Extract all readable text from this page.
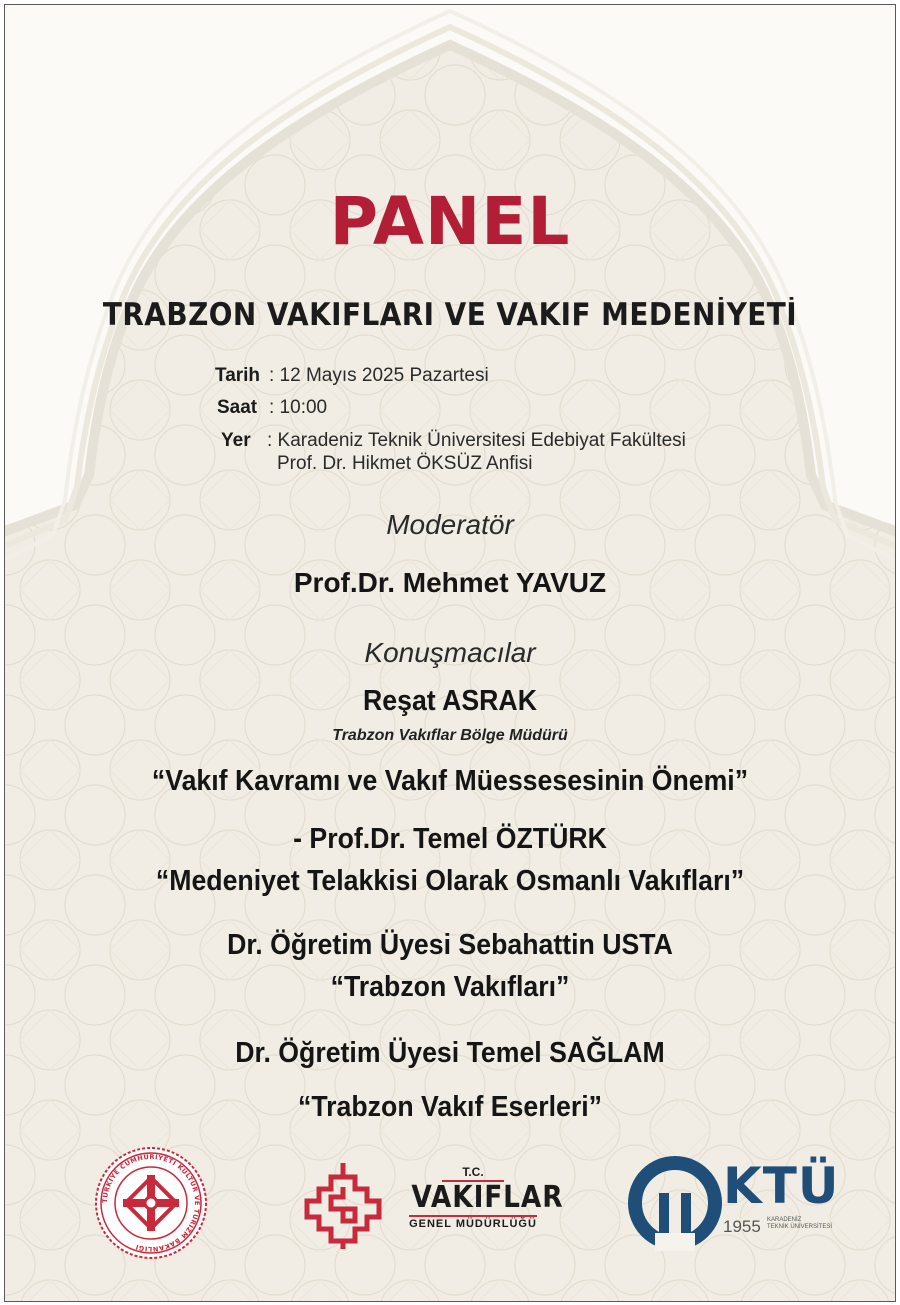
PANEL
TRABZON VAKIFLARI VE VAKIF MEDENİYETİ
Tarih : 12 Mayıs 2025 Pazartesi
Saat : 10:00
Yer : Karadeniz Teknik Üniversitesi Edebiyat Fakültesi
Prof. Dr. Hikmet ÖKSÜZ Anfisi
Moderatör
Prof.Dr. Mehmet YAVUZ
Konuşmacılar
Reşat ASRAK
Trabzon Vakıflar Bölge Müdürü
“Vakıf Kavramı ve Vakıf Müessesesinin Önemi”
- Prof.Dr. Temel ÖZTÜRK
“Medeniyet Telakkisi Olarak Osmanlı Vakıfları”
Dr. Öğretim Üyesi Sebahattin USTA
“Trabzon Vakıfları”
Dr. Öğretim Üyesi Temel SAĞLAM
“Trabzon Vakıf Eserleri”
TÜRKİYE CUMHURİYETİ KÜLTÜR VE TURİZM BAKANLIĞI
T.C.
VAKIFLAR
GENEL MÜDÜRLÜĞÜ
KTÜ
1955 KARADENİZ
TEKNİK ÜNİVERSİTESİ
